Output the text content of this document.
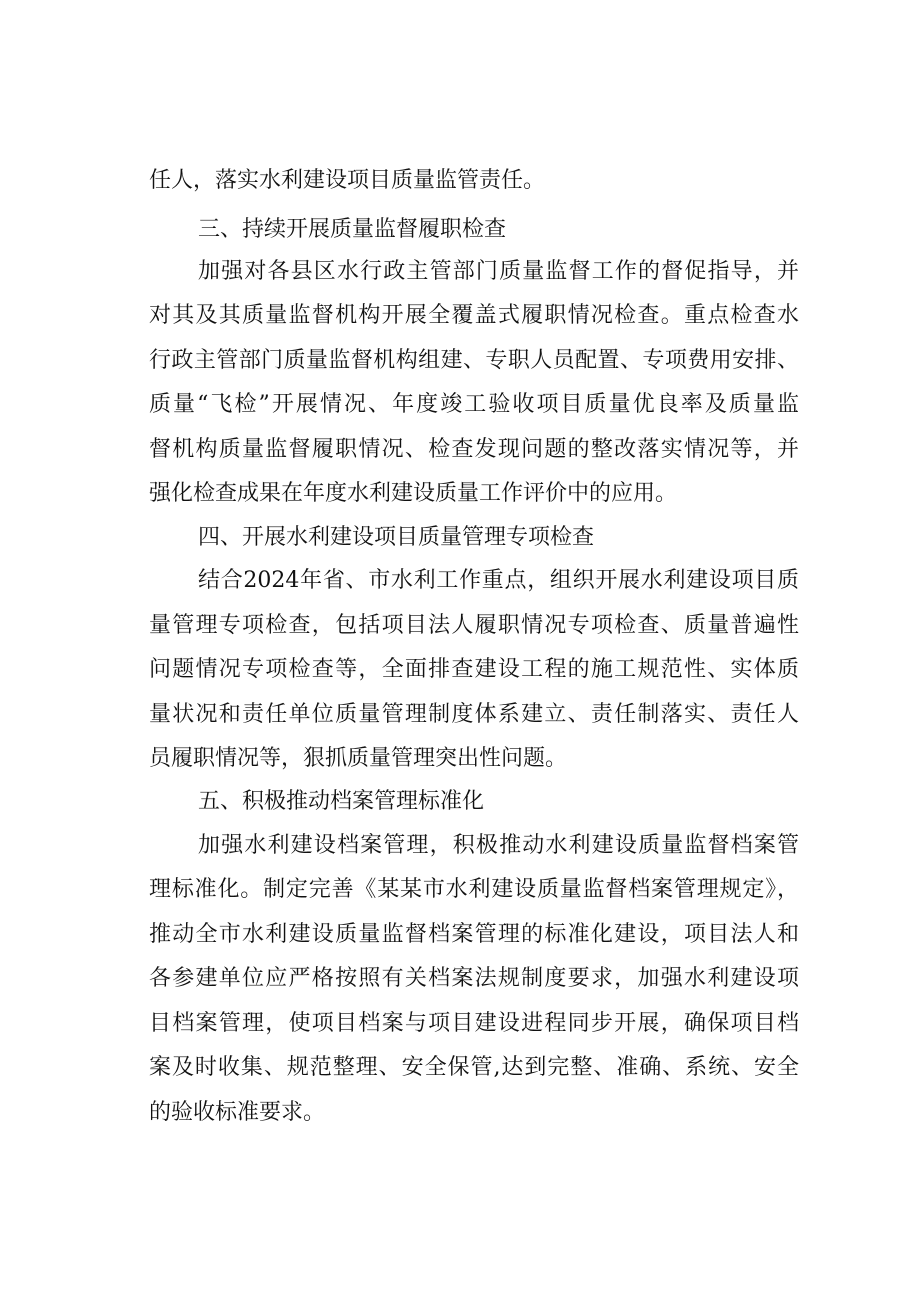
任人，落实水利建设项目质量监管责任。
三、持续开展质量监督履职检查
加强对各县区水行政主管部门质量监督工作的督促指导，并
对其及其质量监督机构开展全覆盖式履职情况检查。重点检查水
行政主管部门质量监督机构组建、专职人员配置、专项费用安排、
质量“飞检”开展情况、年度竣工验收项目质量优良率及质量监
督机构质量监督履职情况、检查发现问题的整改落实情况等，并
强化检查成果在年度水利建设质量工作评价中的应用。
四、开展水利建设项目质量管理专项检查
结合2024年省、市水利工作重点，组织开展水利建设项目质
量管理专项检查，包括项目法人履职情况专项检查、质量普遍性
问题情况专项检查等，全面排查建设工程的施工规范性、实体质
量状况和责任单位质量管理制度体系建立、责任制落实、责任人
员履职情况等，狠抓质量管理突出性问题。
五、积极推动档案管理标准化
加强水利建设档案管理，积极推动水利建设质量监督档案管
理标准化。制定完善《某某市水利建设质量监督档案管理规定》，
推动全市水利建设质量监督档案管理的标准化建设，项目法人和
各参建单位应严格按照有关档案法规制度要求，加强水利建设项
目档案管理，使项目档案与项目建设进程同步开展，确保项目档
案及时收集、规范整理、安全保管,达到完整、准确、系统、安全
的验收标准要求。
